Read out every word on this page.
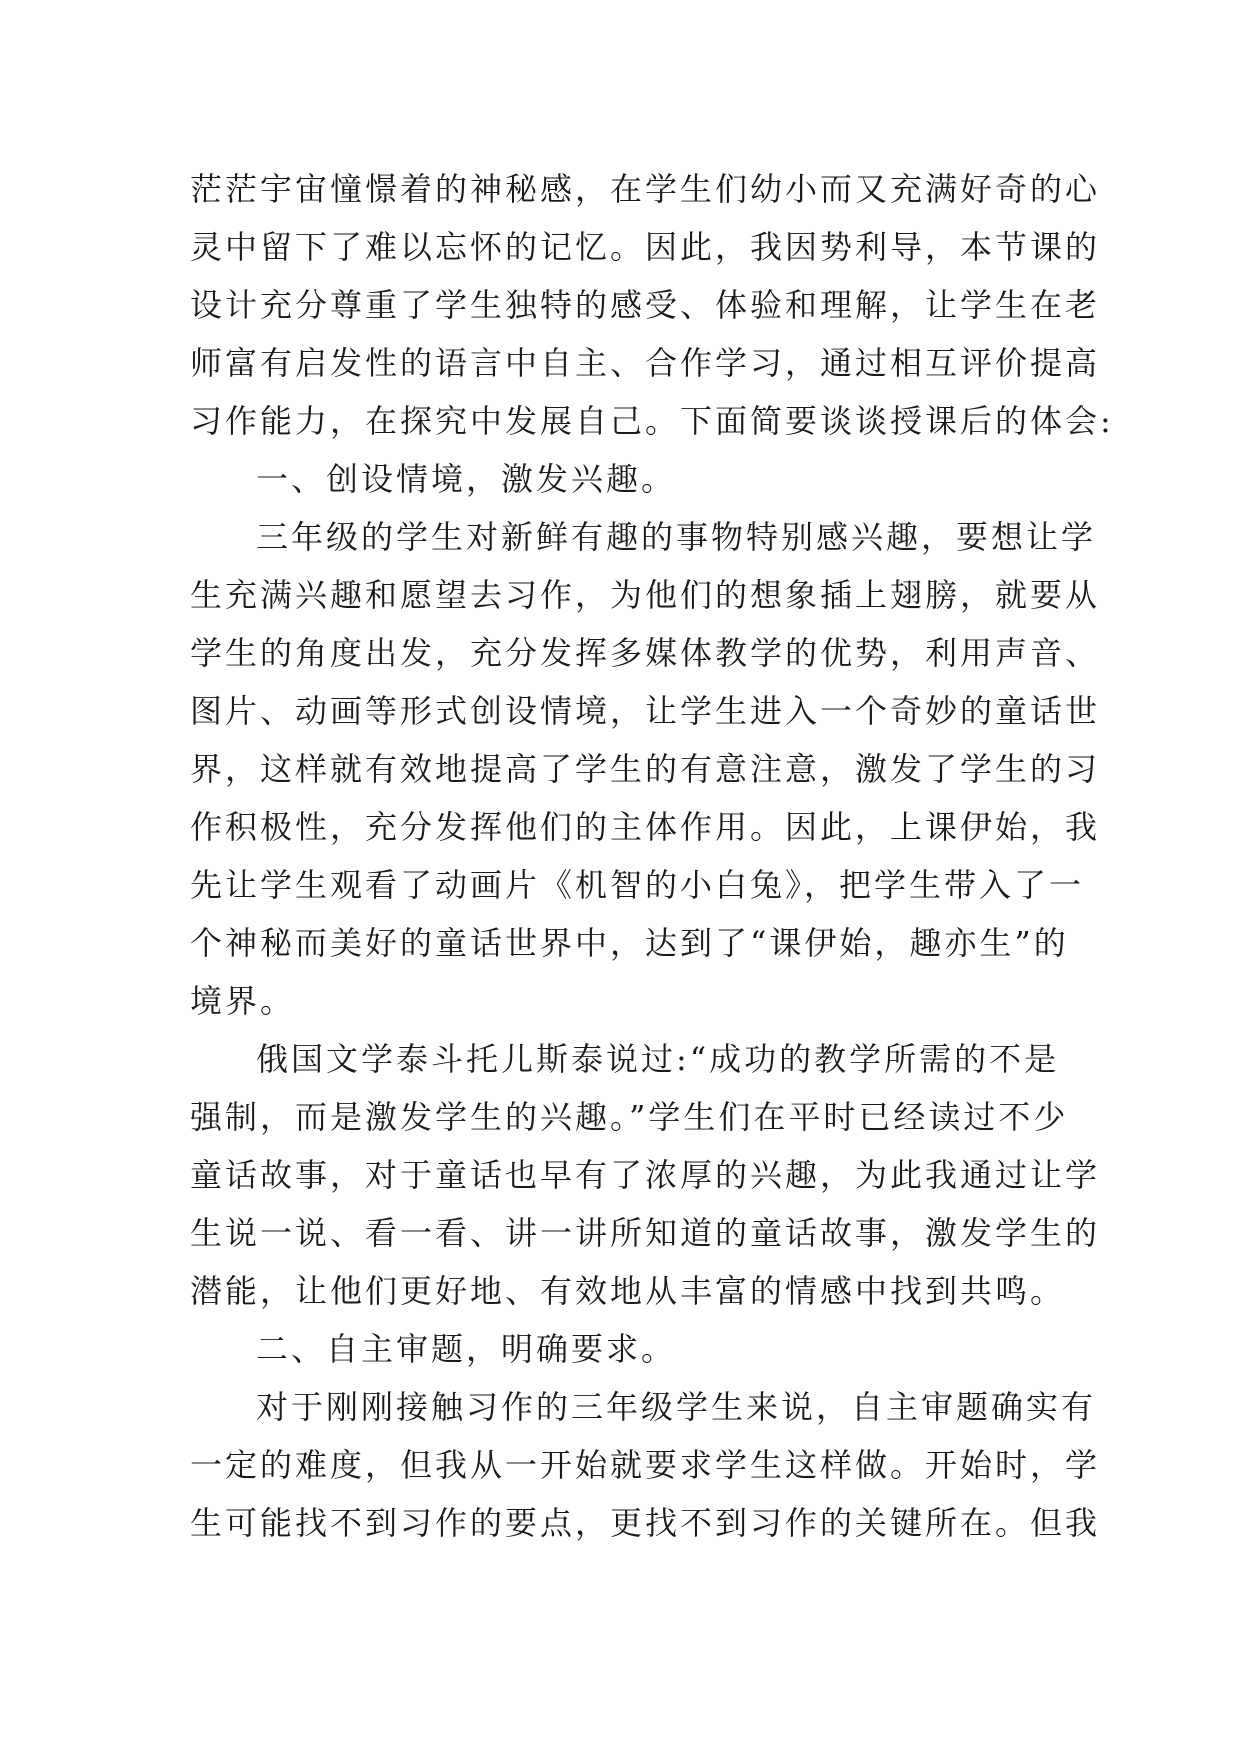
茫茫宇宙憧憬着的神秘感，在学生们幼小而又充满好奇的心
灵中留下了难以忘怀的记忆。因此，我因势利导，本节课的
设计充分尊重了学生独特的感受、体验和理解，让学生在老
师富有启发性的语言中自主、合作学习，通过相互评价提高
习作能力，在探究中发展自己。下面简要谈谈授课后的体会:
一、创设情境，激发兴趣。
三年级的学生对新鲜有趣的事物特别感兴趣，要想让学
生充满兴趣和愿望去习作，为他们的想象插上翅膀，就要从
学生的角度出发，充分发挥多媒体教学的优势，利用声音、
图片、动画等形式创设情境，让学生进入一个奇妙的童话世
界，这样就有效地提高了学生的有意注意，激发了学生的习
作积极性，充分发挥他们的主体作用。因此，上课伊始，我
先让学生观看了动画片《机智的小白兔》，把学生带入了一
个神秘而美好的童话世界中，达到了“课伊始，趣亦生”的
境界。
俄国文学泰斗托儿斯泰说过:“成功的教学所需的不是
强制，而是激发学生的兴趣。”学生们在平时已经读过不少
童话故事，对于童话也早有了浓厚的兴趣，为此我通过让学
生说一说、看一看、讲一讲所知道的童话故事，激发学生的
潜能，让他们更好地、有效地从丰富的情感中找到共鸣。
二、自主审题，明确要求。
对于刚刚接触习作的三年级学生来说，自主审题确实有
一定的难度，但我从一开始就要求学生这样做。开始时，学
生可能找不到习作的要点，更找不到习作的关键所在。但我
